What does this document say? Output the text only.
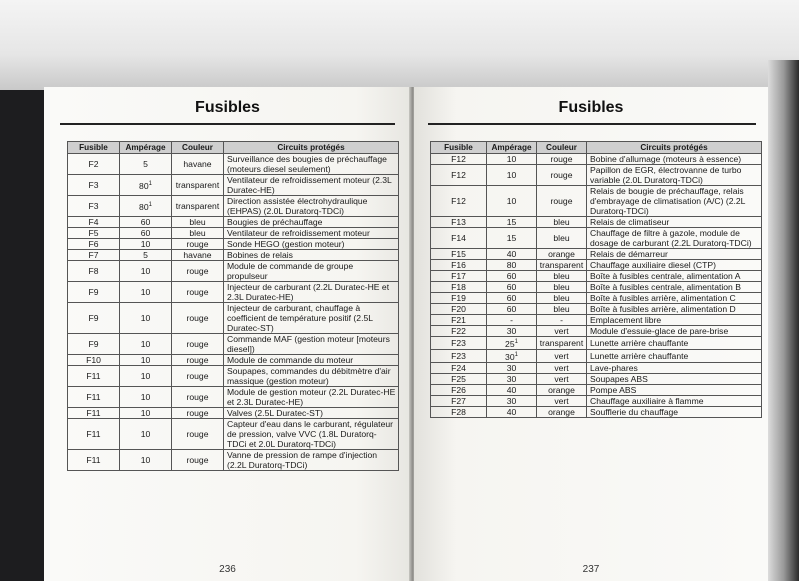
Fusibles
Fusible	Ampérage	Couleur	Circuits protégés
F2	5	havane	Surveillance des bougies de préchauffage (moteurs diesel seulement)
F3	$80^1$	transparent	Ventilateur de refroidissement moteur (2.3L Duratec-HE)
F3	$80^1$	transparent	Direction assistée électrohydraulique (EHPAS) (2.0L Duratorq-TDCi)
F4	60	bleu	Bougies de préchauffage
F5	60	bleu	Ventilateur de refroidissement moteur
F6	10	rouge	Sonde HEGO (gestion moteur)
F7	5	havane	Bobines de relais
F8	10	rouge	Module de commande de groupe propulseur
F9	10	rouge	Injecteur de carburant (2.2L Duratec-HE et 2.3L Duratec-HE)
F9	10	rouge	Injecteur de carburant, chauffage à coefficient de température positif (2.5L Duratec-ST)
F9	10	rouge	Commande MAF (gestion moteur [moteurs diesel])
F10	10	rouge	Module de commande du moteur
F11	10	rouge	Soupapes, commandes du débitmètre d'air massique (gestion moteur)
F11	10	rouge	Module de gestion moteur (2.2L Duratec-HE et 2.3L Duratec-HE)
F11	10	rouge	Valves (2.5L Duratec-ST)
F11	10	rouge	Capteur d'eau dans le carburant, régulateur de pression, valve VVC (1.8L Duratorq-TDCi et 2.0L Duratorq-TDCi)
F11	10	rouge	Vanne de pression de rampe d'injection (2.2L Duratorq-TDCi)
236
Fusibles
Fusible	Ampérage	Couleur	Circuits protégés
F12	10	rouge	Bobine d'allumage (moteurs à essence)
F12	10	rouge	Papillon de EGR, électrovanne de turbo variable (2.0L Duratorq-TDCi)
F12	10	rouge	Relais de bougie de préchauffage, relais d'embrayage de climatisation (A/C) (2.2L Duratorq-TDCi)
F13	15	bleu	Relais de climatiseur
F14	15	bleu	Chauffage de filtre à gazole, module de dosage de carburant (2.2L Duratorq-TDCi)
F15	40	orange	Relais de démarreur
F16	80	transparent	Chauffage auxiliaire diesel (CTP)
F17	60	bleu	Boîte à fusibles centrale, alimentation A
F18	60	bleu	Boîte à fusibles centrale, alimentation B
F19	60	bleu	Boîte à fusibles arrière, alimentation C
F20	60	bleu	Boîte à fusibles arrière, alimentation D
F21	-	-	Emplacement libre
F22	30	vert	Module d'essuie-glace de pare-brise
F23	$25^1$	transparent	Lunette arrière chauffante
F23	$30^1$	vert	Lunette arrière chauffante
F24	30	vert	Lave-phares
F25	30	vert	Soupapes ABS
F26	40	orange	Pompe ABS
F27	30	vert	Chauffage auxiliaire à flamme
F28	40	orange	Soufflerie du chauffage
237
